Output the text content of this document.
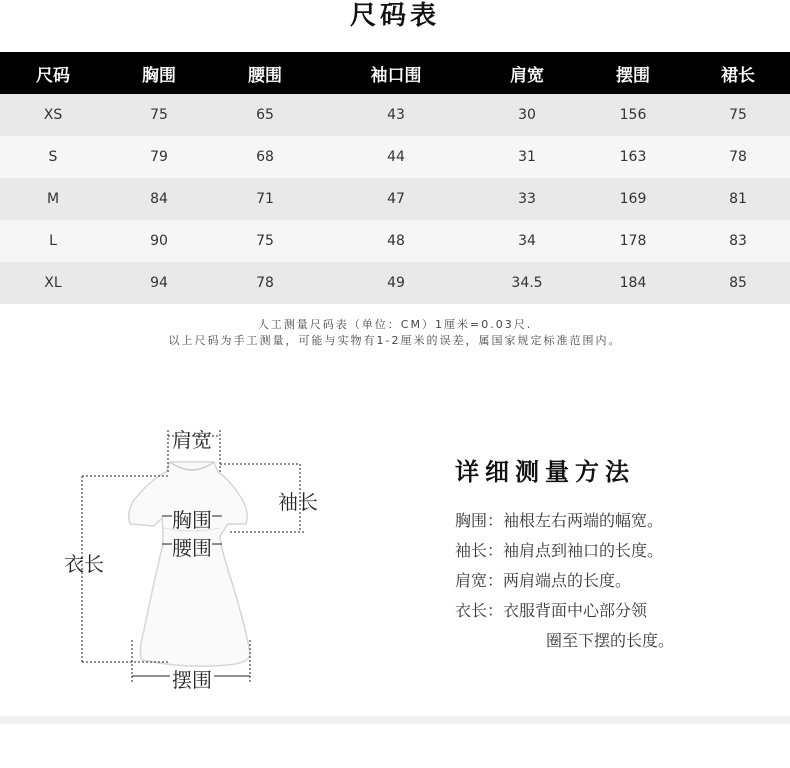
尺码表
尺码	胸围	腰围	袖口围	肩宽	摆围	裙长
XS	75	65	43	30	156	75
S	79	68	44	31	163	78
M	84	71	47	33	169	81
L	90	75	48	34	178	83
XL	94	78	49	34.5	184	85
人工测量尺码表（单位：CM）1厘米=0.03尺.
以上尺码为手工测量，可能与实物有1-2厘米的误差，属国家规定标准范围内。
肩宽
袖长
胸围
腰围
衣长
摆围
详细测量方法
胸围：袖根左右两端的幅宽。
袖长：袖肩点到袖口的长度。
肩宽：两肩端点的长度。
衣长：衣服背面中心部分领
圈至下摆的长度。
